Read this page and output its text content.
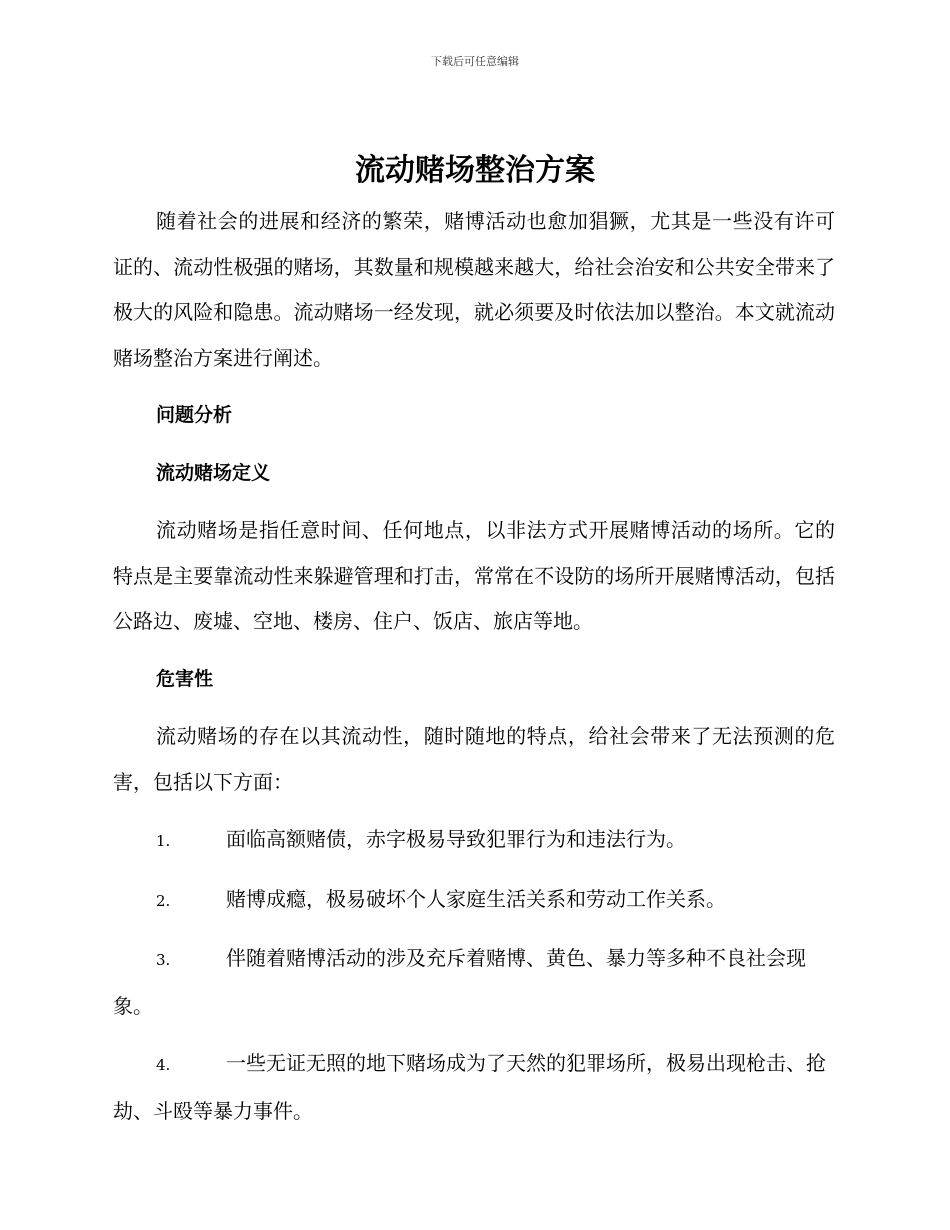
下载后可任意编辑
流动赌场整治方案

随着社会的进展和经济的繁荣，赌博活动也愈加猖獗，尤其是一些没有许可证的、流动性极强的赌场，其数量和规模越来越大，给社会治安和公共安全带来了极大的风险和隐患。流动赌场一经发现，就必须要及时依法加以整治。本文就流动赌场整治方案进行阐述。

问题分析

流动赌场定义

流动赌场是指任意时间、任何地点，以非法方式开展赌博活动的场所。它的特点是主要靠流动性来躲避管理和打击，常常在不设防的场所开展赌博活动，包括公路边、废墟、空地、楼房、住户、饭店、旅店等地。

危害性

流动赌场的存在以其流动性，随时随地的特点，给社会带来了无法预测的危害，包括以下方面：

1.	面临高额赌债，赤字极易导致犯罪行为和违法行为。

2.	赌博成瘾，极易破坏个人家庭生活关系和劳动工作关系。

3.	伴随着赌博活动的涉及充斥着赌博、黄色、暴力等多种不良社会现象。

4.	一些无证无照的地下赌场成为了天然的犯罪场所，极易出现枪击、抢劫、斗殴等暴力事件。
